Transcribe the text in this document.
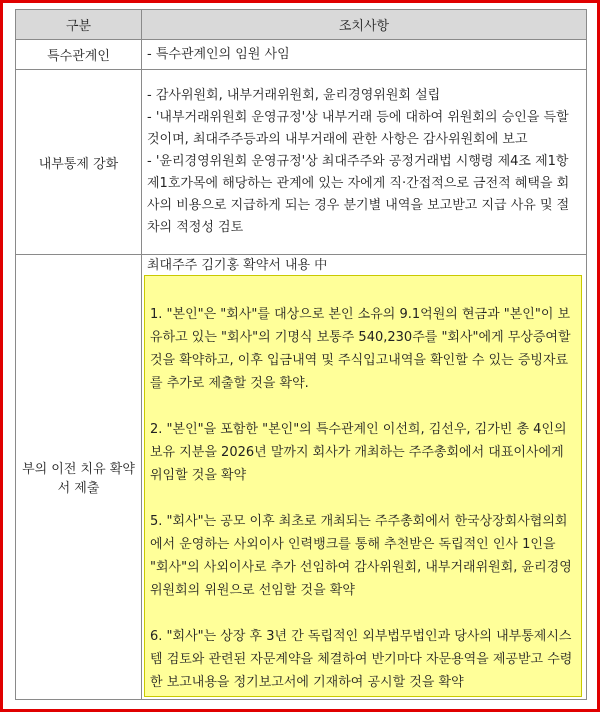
구분	조치사항
특수관계인	- 특수관계인의 임원 사임

내부통제 강화	- 감사위원회, 내부거래위원회, 윤리경영위원회 설립
- '내부거래위원회 운영규정'상 내부거래 등에 대하여 위원회의 승인을 득할 것이며, 최대주주등과의 내부거래에 관한 사항은 감사위원회에 보고
- '윤리경영위원회 운영규정'상 최대주주와 공정거래법 시행령 제4조 제1항제1호가목에 해당하는 관계에 있는 자에게 직·간접적으로 금전적 혜택을 회사의 비용으로 지급하게 되는 경우 분기별 내역을 보고받고 지급 사유 및 절차의 적정성 검토

부의 이전 치유 확약서 제출	최대주주 김기홍 확약서 내용 中
1. "본인"은 "회사"를 대상으로 본인 소유의 9.1억원의 현금과 "본인"이 보유하고 있는 "회사"의 기명식 보통주 540,230주를 "회사"에게 무상증여할 것을 확약하고, 이후 입금내역 및 주식입고내역을 확인할 수 있는 증빙자료를 추가로 제출할 것을 확약.
2. "본인"을 포함한 "본인"의 특수관계인 이선희, 김선우, 김가빈 총 4인의 보유 지분을 2026년 말까지 회사가 개최하는 주주총회에서 대표이사에게 위임할 것을 확약
5. "회사"는 공모 이후 최초로 개최되는 주주총회에서 한국상장회사협의회에서 운영하는 사외이사 인력뱅크를 통해 추천받은 독립적인 인사 1인을 "회사"의 사외이사로 추가 선임하여 감사위원회, 내부거래위원회, 윤리경영위원회의 위원으로 선임할 것을 확약
6. "회사"는 상장 후 3년 간 독립적인 외부법무법인과 당사의 내부통제시스템 검토와 관련된 자문계약을 체결하여 반기마다 자문용역을 제공받고 수령한 보고내용을 정기보고서에 기재하여 공시할 것을 확약
